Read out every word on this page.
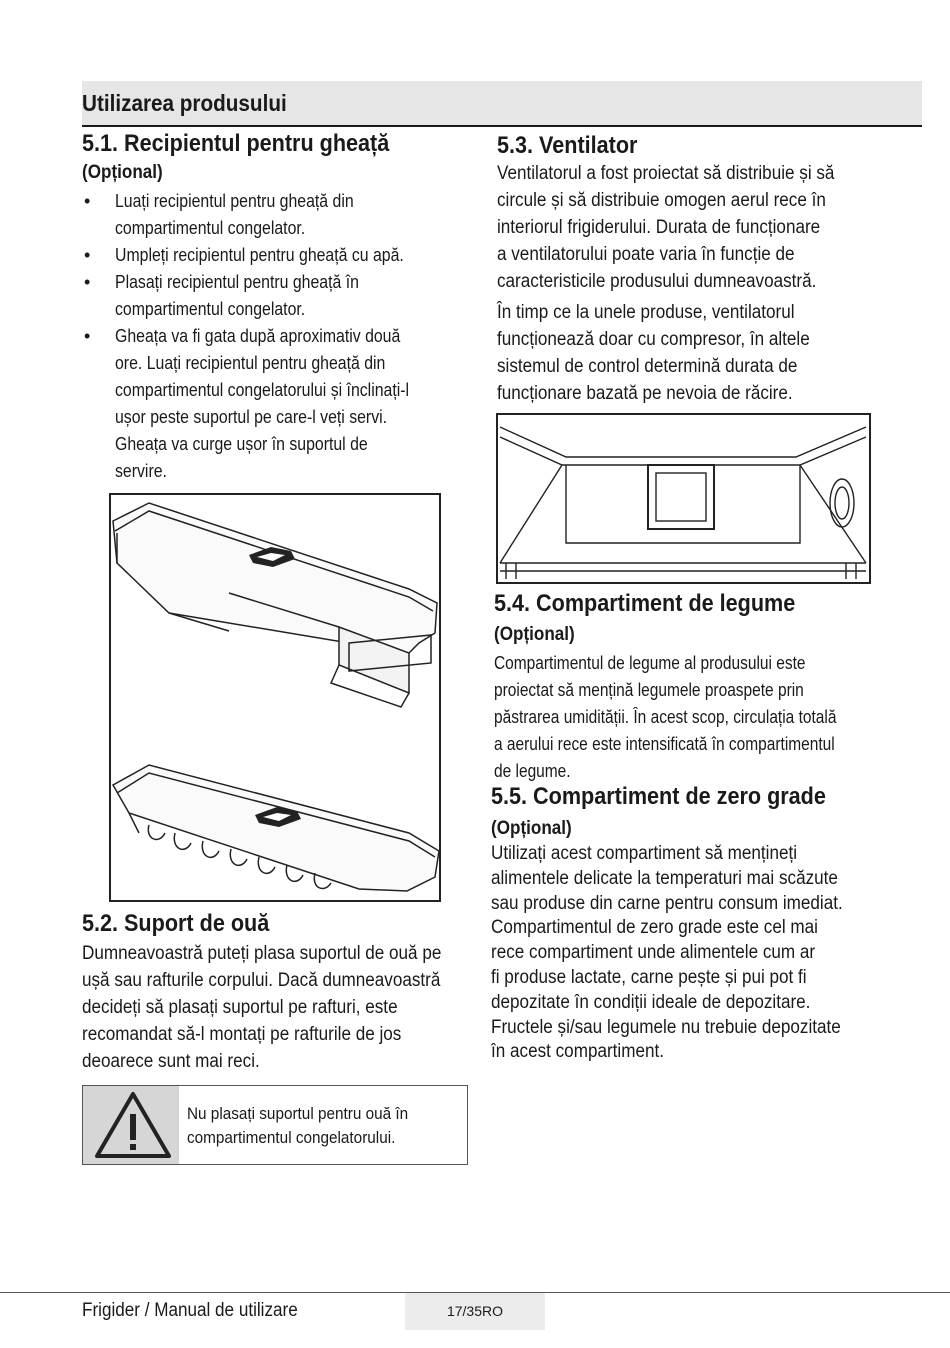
Utilizarea produsului
5.1. Recipientul pentru gheață
(Opțional)
• Luați recipientul pentru gheață din
compartimentul congelator.
• Umpleți recipientul pentru gheață cu apă.
• Plasați recipientul pentru gheață în
compartimentul congelator.
• Gheața va fi gata după aproximativ două
ore. Luați recipientul pentru gheață din
compartimentul congelatorului și înclinați-l
ușor peste suportul pe care-l veți servi.
Gheața va curge ușor în suportul de
servire.
5.2. Suport de ouă
Dumneavoastră puteți plasa suportul de ouă pe
ușă sau rafturile corpului. Dacă dumneavoastră
decideți să plasați suportul pe rafturi, este
recomandat să-l montați pe rafturile de jos
deoarece sunt mai reci.
Nu plasați suportul pentru ouă încompartimentul congelatorului.
5.3. Ventilator
Ventilatorul a fost proiectat să distribuie și să
circule și să distribuie omogen aerul rece în
interiorul frigiderului. Durata de funcționare
a ventilatorului poate varia în funcție de
caracteristicile produsului dumneavoastră.
În timp ce la unele produse, ventilatorul
funcționează doar cu compresor, în altele
sistemul de control determină durata de
funcționare bazată pe nevoia de răcire.
5.4. Compartiment de legume
(Opțional)
Compartimentul de legume al produsului este
proiectat să mențină legumele proaspete prin
păstrarea umidității. În acest scop, circulația totală
a aerului rece este intensificată în compartimentul
de legume.
5.5. Compartiment de zero grade
(Opțional)
Utilizați acest compartiment să mențineți
alimentele delicate la temperaturi mai scăzute
sau produse din carne pentru consum imediat.
Compartimentul de zero grade este cel mai
rece compartiment unde alimentele cum ar
fi produse lactate, carne pește și pui pot fi
depozitate în condiții ideale de depozitare.
Fructele și/sau legumele nu trebuie depozitate
în acest compartiment.
Frigider / Manual de utilizare	17/35RO
